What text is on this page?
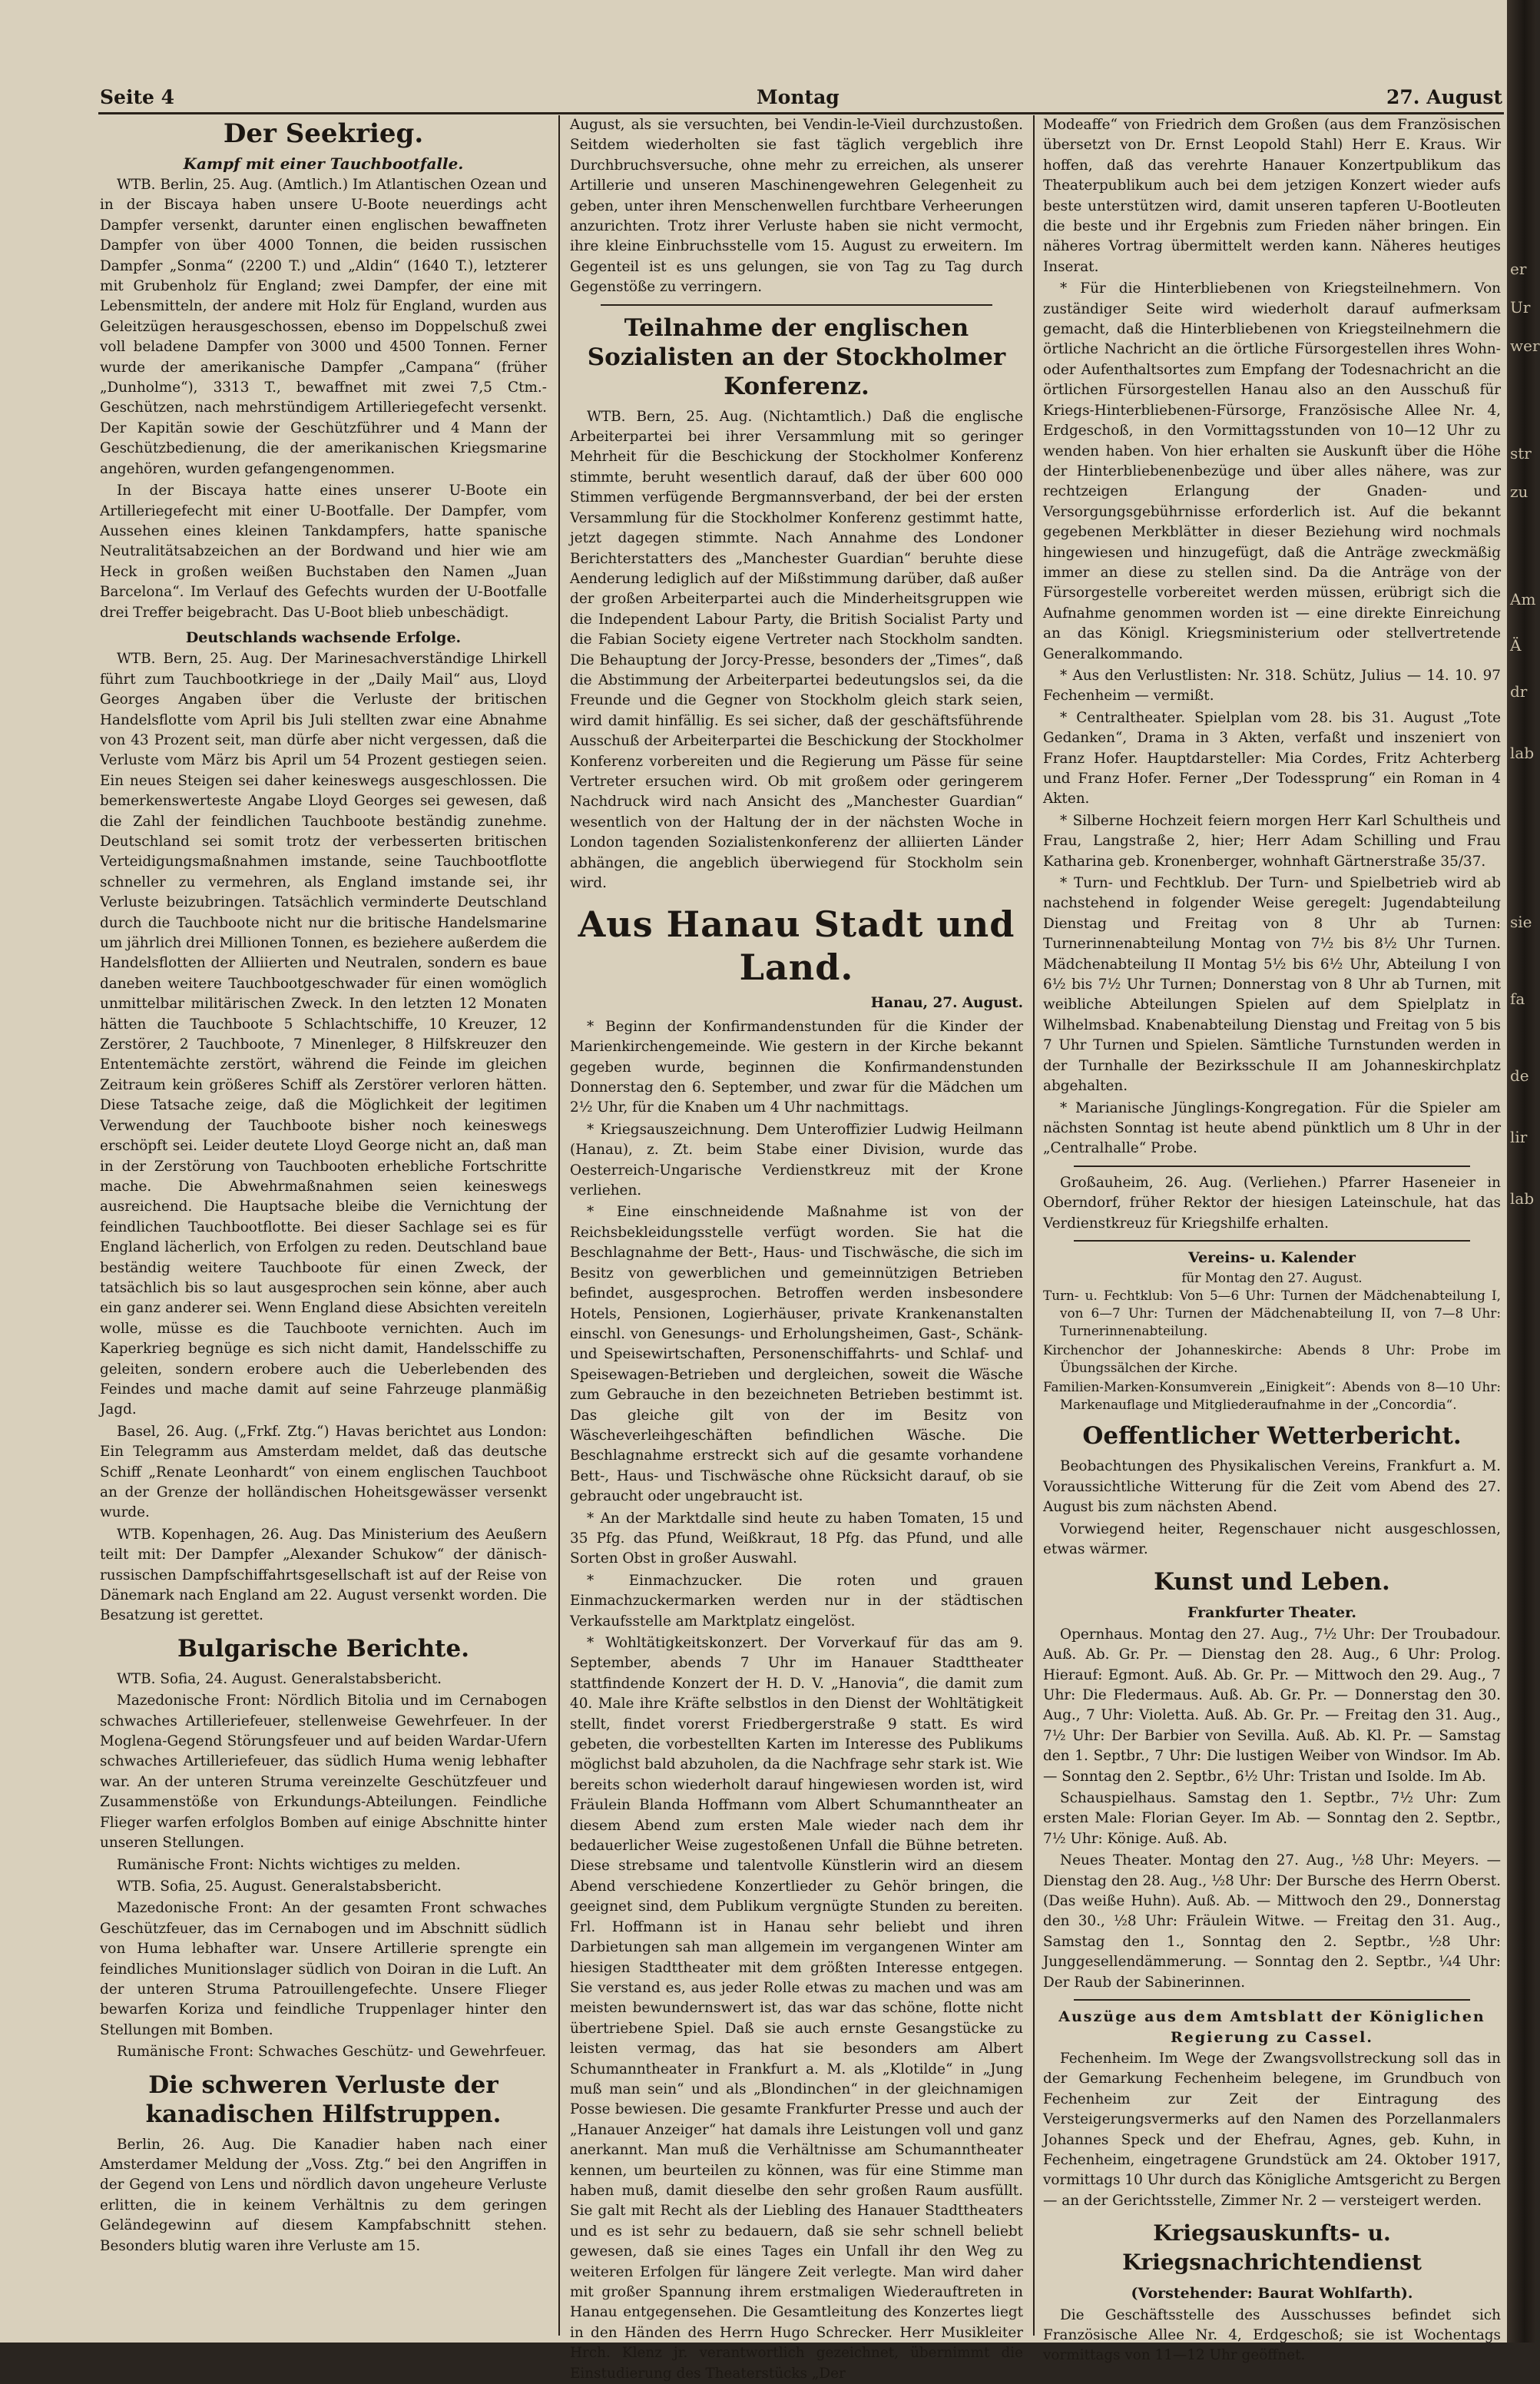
Seite 4	Montag	27. August
Der Seekrieg.
Kampf mit einer Tauchbootfalle.

WTB. Berlin, 25. Aug. (Amtlich.) Im Atlantischen Ozean und in der Biscaya haben unsere U-Boote neuerdings acht Dampfer versenkt, darunter einen englischen bewaffneten Dampfer von über 4000 Tonnen, die beiden russischen Dampfer „Sonma“ (2200 T.) und „Aldin“ (1640 T.), letzterer mit Grubenholz für England; zwei Dampfer, der eine mit Lebensmitteln, der andere mit Holz für England, wurden aus Geleitzügen herausgeschossen, ebenso im Doppelschuß zwei voll beladene Dampfer von 3000 und 4500 Tonnen. Ferner wurde der amerikanische Dampfer „Campana“ (früher „Dunholme“), 3313 T., bewaffnet mit zwei 7,5 Ctm.-Geschützen, nach mehrstündigem Artilleriegefecht versenkt. Der Kapitän sowie der Geschützführer und 4 Mann der Geschützbedienung, die der amerikanischen Kriegsmarine angehören, wurden gefangengenommen.

In der Biscaya hatte eines unserer U-Boote ein Artilleriegefecht mit einer U-Bootfalle. Der Dampfer, vom Aussehen eines kleinen Tankdampfers, hatte spanische Neutralitätsabzeichen an der Bordwand und hier wie am Heck in großen weißen Buchstaben den Namen „Juan Barcelona“. Im Verlauf des Gefechts wurden der U-Bootfalle drei Treffer beigebracht. Das U-Boot blieb unbeschädigt.

Deutschlands wachsende Erfolge.

WTB. Bern, 25. Aug. Der Marinesachverständige Lhirkell führt zum Tauchbootkriege in der „Daily Mail“ aus, Lloyd Georges Angaben über die Verluste der britischen Handelsflotte vom April bis Juli stellten zwar eine Abnahme von 43 Prozent seit, man dürfe aber nicht vergessen, daß die Verluste vom März bis April um 54 Prozent gestiegen seien. Ein neues Steigen sei daher keineswegs ausgeschlossen. Die bemerkenswerteste Angabe Lloyd Georges sei gewesen, daß die Zahl der feindlichen Tauchboote beständig zunehme. Deutschland sei somit trotz der verbesserten britischen Verteidigungsmaßnahmen imstande, seine Tauchbootflotte schneller zu vermehren, als England imstande sei, ihr Verluste beizubringen. Tatsächlich verminderte Deutschland durch die Tauchboote nicht nur die britische Handelsmarine um jährlich drei Millionen Tonnen, es beziehere außerdem die Handelsflotten der Alliierten und Neutralen, sondern es baue daneben weitere Tauchbootgeschwader für einen womöglich unmittelbar militärischen Zweck. In den letzten 12 Monaten hätten die Tauchboote 5 Schlachtschiffe, 10 Kreuzer, 12 Zerstörer, 2 Tauchboote, 7 Minenleger, 8 Hilfskreuzer den Ententemächte zerstört, während die Feinde im gleichen Zeitraum kein größeres Schiff als Zerstörer verloren hätten. Diese Tatsache zeige, daß die Möglichkeit der legitimen Verwendung der Tauchboote bisher noch keineswegs erschöpft sei. Leider deutete Lloyd George nicht an, daß man in der Zerstörung von Tauchbooten erhebliche Fortschritte mache. Die Abwehrmaßnahmen seien keineswegs ausreichend. Die Hauptsache bleibe die Vernichtung der feindlichen Tauchbootflotte. Bei dieser Sachlage sei es für England lächerlich, von Erfolgen zu reden. Deutschland baue beständig weitere Tauchboote für einen Zweck, der tatsächlich bis so laut ausgesprochen sein könne, aber auch ein ganz anderer sei. Wenn England diese Absichten vereiteln wolle, müsse es die Tauchboote vernichten. Auch im Kaperkrieg begnüge es sich nicht damit, Handelsschiffe zu geleiten, sondern erobere auch die Ueberlebenden des Feindes und mache damit auf seine Fahrzeuge planmäßig Jagd.

Basel, 26. Aug. („Frkf. Ztg.“) Havas berichtet aus London: Ein Telegramm aus Amsterdam meldet, daß das deutsche Schiff „Renate Leonhardt“ von einem englischen Tauchboot an der Grenze der holländischen Hoheitsgewässer versenkt wurde.

WTB. Kopenhagen, 26. Aug. Das Ministerium des Aeußern teilt mit: Der Dampfer „Alexander Schukow“ der dänisch-russischen Dampfschiffahrtsgesellschaft ist auf der Reise von Dänemark nach England am 22. August versenkt worden. Die Besatzung ist gerettet.

Bulgarische Berichte.

WTB. Sofia, 24. August. Generalstabsbericht.

Mazedonische Front: Nördlich Bitolia und im Cernabogen schwaches Artilleriefeuer, stellenweise Gewehrfeuer. In der Moglena-Gegend Störungsfeuer und auf beiden Wardar-Ufern schwaches Artilleriefeuer, das südlich Huma wenig lebhafter war. An der unteren Struma vereinzelte Geschützfeuer und Zusammenstöße von Erkundungs-Abteilungen. Feindliche Flieger warfen erfolglos Bomben auf einige Abschnitte hinter unseren Stellungen.

Rumänische Front: Nichts wichtiges zu melden.

WTB. Sofia, 25. August. Generalstabsbericht.

Mazedonische Front: An der gesamten Front schwaches Geschützfeuer, das im Cernabogen und im Abschnitt südlich von Huma lebhafter war. Unsere Artillerie sprengte ein feindliches Munitionslager südlich von Doiran in die Luft. An der unteren Struma Patrouillengefechte. Unsere Flieger bewarfen Koriza und feindliche Truppenlager hinter den Stellungen mit Bomben.

Rumänische Front: Schwaches Geschütz- und Gewehrfeuer.

Die schweren Verluste der kanadischen Hilfstruppen.

Berlin, 26. Aug. Die Kanadier haben nach einer Amsterdamer Meldung der „Voss. Ztg.“ bei den Angriffen in der Gegend von Lens und nördlich davon ungeheure Verluste erlitten, die in keinem Verhältnis zu dem geringen Geländegewinn auf diesem Kampfabschnitt stehen. Besonders blutig waren ihre Verluste am 15.

August, als sie versuchten, bei Vendin-le-Vieil durchzustoßen. Seitdem wiederholten sie fast täglich vergeblich ihre Durchbruchsversuche, ohne mehr zu erreichen, als unserer Artillerie und unseren Maschinengewehren Gelegenheit zu geben, unter ihren Menschenwellen furchtbare Verheerungen anzurichten. Trotz ihrer Verluste haben sie nicht vermocht, ihre kleine Einbruchsstelle vom 15. August zu erweitern. Im Gegenteil ist es uns gelungen, sie von Tag zu Tag durch Gegenstöße zu verringern.

Teilnahme der englischen Sozialisten an der Stockholmer Konferenz.

WTB. Bern, 25. Aug. (Nichtamtlich.) Daß die englische Arbeiterpartei bei ihrer Versammlung mit so geringer Mehrheit für die Beschickung der Stockholmer Konferenz stimmte, beruht wesentlich darauf, daß der über 600 000 Stimmen verfügende Bergmannsverband, der bei der ersten Versammlung für die Stockholmer Konferenz gestimmt hatte, jetzt dagegen stimmte. Nach Annahme des Londoner Berichterstatters des „Manchester Guardian“ beruhte diese Aenderung lediglich auf der Mißstimmung darüber, daß außer der großen Arbeiterpartei auch die Minderheitsgruppen wie die Independent Labour Party, die British Socialist Party und die Fabian Society eigene Vertreter nach Stockholm sandten. Die Behauptung der Jorcy-Presse, besonders der „Times“, daß die Abstimmung der Arbeiterpartei bedeutungslos sei, da die Freunde und die Gegner von Stockholm gleich stark seien, wird damit hinfällig. Es sei sicher, daß der geschäftsführende Ausschuß der Arbeiterpartei die Beschickung der Stockholmer Konferenz vorbereiten und die Regierung um Pässe für seine Vertreter ersuchen wird. Ob mit großem oder geringerem Nachdruck wird nach Ansicht des „Manchester Guardian“ wesentlich von der Haltung der in der nächsten Woche in London tagenden Sozialistenkonferenz der alliierten Länder abhängen, die angeblich überwiegend für Stockholm sein wird.

Aus Hanau Stadt und Land.
Hanau, 27. August.

* Beginn der Konfirmandenstunden für die Kinder der Marienkirchengemeinde. Wie gestern in der Kirche bekannt gegeben wurde, beginnen die Konfirmandenstunden Donnerstag den 6. September, und zwar für die Mädchen um 2½ Uhr, für die Knaben um 4 Uhr nachmittags.

* Kriegsauszeichnung. Dem Unteroffizier Ludwig Heilmann (Hanau), z. Zt. beim Stabe einer Division, wurde das Oesterreich-Ungarische Verdienstkreuz mit der Krone verliehen.

* Eine einschneidende Maßnahme ist von der Reichsbekleidungsstelle verfügt worden. Sie hat die Beschlagnahme der Bett-, Haus- und Tischwäsche, die sich im Besitz von gewerblichen und gemeinnützigen Betrieben befindet, ausgesprochen. Betroffen werden insbesondere Hotels, Pensionen, Logierhäuser, private Krankenanstalten einschl. von Genesungs- und Erholungsheimen, Gast-, Schänk- und Speisewirtschaften, Personenschiffahrts- und Schlaf- und Speisewagen-Betrieben und dergleichen, soweit die Wäsche zum Gebrauche in den bezeichneten Betrieben bestimmt ist. Das gleiche gilt von der im Besitz von Wäscheverleihgeschäften befindlichen Wäsche. Die Beschlagnahme erstreckt sich auf die gesamte vorhandene Bett-, Haus- und Tischwäsche ohne Rücksicht darauf, ob sie gebraucht oder ungebraucht ist.

* An der Marktdalle sind heute zu haben Tomaten, 15 und 35 Pfg. das Pfund, Weißkraut, 18 Pfg. das Pfund, und alle Sorten Obst in großer Auswahl.

* Einmachzucker. Die roten und grauen Einmachzuckermarken werden nur in der städtischen Verkaufsstelle am Marktplatz eingelöst.

* Wohltätigkeitskonzert. Der Vorverkauf für das am 9. September, abends 7 Uhr im Hanauer Stadttheater stattfindende Konzert der H. D. V. „Hanovia“, die damit zum 40. Male ihre Kräfte selbstlos in den Dienst der Wohltätigkeit stellt, findet vorerst Friedbergerstraße 9 statt. Es wird gebeten, die vorbestellten Karten im Interesse des Publikums möglichst bald abzuholen, da die Nachfrage sehr stark ist. Wie bereits schon wiederholt darauf hingewiesen worden ist, wird Fräulein Blanda Hoffmann vom Albert Schumanntheater an diesem Abend zum ersten Male wieder nach dem ihr bedauerlicher Weise zugestoßenen Unfall die Bühne betreten. Diese strebsame und talentvolle Künstlerin wird an diesem Abend verschiedene Konzertlieder zu Gehör bringen, die geeignet sind, dem Publikum vergnügte Stunden zu bereiten. Frl. Hoffmann ist in Hanau sehr beliebt und ihren Darbietungen sah man allgemein im vergangenen Winter am hiesigen Stadttheater mit dem größten Interesse entgegen. Sie verstand es, aus jeder Rolle etwas zu machen und was am meisten bewundernswert ist, das war das schöne, flotte nicht übertriebene Spiel. Daß sie auch ernste Gesangstücke zu leisten vermag, das hat sie besonders am Albert Schumanntheater in Frankfurt a. M. als „Klotilde“ in „Jung muß man sein“ und als „Blondinchen“ in der gleichnamigen Posse bewiesen. Die gesamte Frankfurter Presse und auch der „Hanauer Anzeiger“ hat damals ihre Leistungen voll und ganz anerkannt. Man muß die Verhältnisse am Schumanntheater kennen, um beurteilen zu können, was für eine Stimme man haben muß, damit dieselbe den sehr großen Raum ausfüllt. Sie galt mit Recht als der Liebling des Hanauer Stadttheaters und es ist sehr zu bedauern, daß sie sehr schnell beliebt gewesen, daß sie eines Tages ein Unfall ihr den Weg zu weiteren Erfolgen für längere Zeit verlegte. Man wird daher mit großer Spannung ihrem erstmaligen Wiederauftreten in Hanau entgegensehen. Die Gesamtleitung des Konzertes liegt in den Händen des Herrn Hugo Schrecker. Herr Musikleiter Hrch. Klenz jr. verantwortlich gezeichnet, übernimmt die Einstudierung des Theaterstücks „Der

Modeaffe“ von Friedrich dem Großen (aus dem Französischen übersetzt von Dr. Ernst Leopold Stahl) Herr E. Kraus. Wir hoffen, daß das verehrte Hanauer Konzertpublikum das Theaterpublikum auch bei dem jetzigen Konzert wieder aufs beste unterstützen wird, damit unseren tapferen U-Bootleuten die beste und ihr Ergebnis zum Frieden näher bringen. Ein näheres Vortrag übermittelt werden kann. Näheres heutiges Inserat.

* Für die Hinterbliebenen von Kriegsteilnehmern. Von zuständiger Seite wird wiederholt darauf aufmerksam gemacht, daß die Hinterbliebenen von Kriegsteilnehmern die örtliche Nachricht an die örtliche Fürsorgestellen ihres Wohn- oder Aufenthaltsortes zum Empfang der Todesnachricht an die örtlichen Fürsorgestellen Hanau also an den Ausschuß für Kriegs-Hinterbliebenen-Fürsorge, Französische Allee Nr. 4, Erdgeschoß, in den Vormittagsstunden von 10—12 Uhr zu wenden haben. Von hier erhalten sie Auskunft über die Höhe der Hinterbliebenenbezüge und über alles nähere, was zur rechtzeigen Erlangung der Gnaden- und Versorgungsgebührnisse erforderlich ist. Auf die bekannt gegebenen Merkblätter in dieser Beziehung wird nochmals hingewiesen und hinzugefügt, daß die Anträge zweckmäßig immer an diese zu stellen sind. Da die Anträge von der Fürsorgestelle vorbereitet werden müssen, erübrigt sich die Aufnahme genommen worden ist — eine direkte Einreichung an das Königl. Kriegsministerium oder stellvertretende Generalkommando.

* Aus den Verlustlisten: Nr. 318. Schütz, Julius — 14. 10. 97 Fechenheim — vermißt.

* Centraltheater. Spielplan vom 28. bis 31. August „Tote Gedanken“, Drama in 3 Akten, verfaßt und inszeniert von Franz Hofer. Hauptdarsteller: Mia Cordes, Fritz Achterberg und Franz Hofer. Ferner „Der Todessprung“ ein Roman in 4 Akten.

* Silberne Hochzeit feiern morgen Herr Karl Schultheis und Frau, Langstraße 2, hier; Herr Adam Schilling und Frau Katharina geb. Kronenberger, wohnhaft Gärtnerstraße 35/37.

* Turn- und Fechtklub. Der Turn- und Spielbetrieb wird ab nachstehend in folgender Weise geregelt: Jugendabteilung Dienstag und Freitag von 8 Uhr ab Turnen: Turnerinnenabteilung Montag von 7½ bis 8½ Uhr Turnen. Mädchenabteilung II Montag 5½ bis 6½ Uhr, Abteilung I von 6½ bis 7½ Uhr Turnen; Donnerstag von 8 Uhr ab Turnen, mit weibliche Abteilungen Spielen auf dem Spielplatz in Wilhelmsbad. Knabenabteilung Dienstag und Freitag von 5 bis 7 Uhr Turnen und Spielen. Sämtliche Turnstunden werden in der Turnhalle der Bezirksschule II am Johanneskirchplatz abgehalten.

* Marianische Jünglings-Kongregation. Für die Spieler am nächsten Sonntag ist heute abend pünktlich um 8 Uhr in der „Centralhalle“ Probe.

Großauheim, 26. Aug. (Verliehen.) Pfarrer Haseneier in Oberndorf, früher Rektor der hiesigen Lateinschule, hat das Verdienstkreuz für Kriegshilfe erhalten.

Vereins- u. Kalender
für Montag den 27. August.

Turn- u. Fechtklub: Von 5—6 Uhr: Turnen der Mädchenabteilung I, von 6—7 Uhr: Turnen der Mädchenabteilung II, von 7—8 Uhr: Turnerinnenabteilung.

Kirchenchor der Johanneskirche: Abends 8 Uhr: Probe im Übungssälchen der Kirche.

Familien-Marken-Konsumverein „Einigkeit“: Abends von 8—10 Uhr: Markenauflage und Mitgliederaufnahme in der „Concordia“.

Oeffentlicher Wetterbericht.

Beobachtungen des Physikalischen Vereins, Frankfurt a. M. Voraussichtliche Witterung für die Zeit vom Abend des 27. August bis zum nächsten Abend.

Vorwiegend heiter, Regenschauer nicht ausgeschlossen, etwas wärmer.

Kunst und Leben.
Frankfurter Theater.

Opernhaus. Montag den 27. Aug., 7½ Uhr: Der Troubadour. Auß. Ab. Gr. Pr. — Dienstag den 28. Aug., 6 Uhr: Prolog. Hierauf: Egmont. Auß. Ab. Gr. Pr. — Mittwoch den 29. Aug., 7 Uhr: Die Fledermaus. Auß. Ab. Gr. Pr. — Donnerstag den 30. Aug., 7 Uhr: Violetta. Auß. Ab. Gr. Pr. — Freitag den 31. Aug., 7½ Uhr: Der Barbier von Sevilla. Auß. Ab. Kl. Pr. — Samstag den 1. Septbr., 7 Uhr: Die lustigen Weiber von Windsor. Im Ab. — Sonntag den 2. Septbr., 6½ Uhr: Tristan und Isolde. Im Ab.

Schauspielhaus. Samstag den 1. Septbr., 7½ Uhr: Zum ersten Male: Florian Geyer. Im Ab. — Sonntag den 2. Septbr., 7½ Uhr: Könige. Auß. Ab.

Neues Theater. Montag den 27. Aug., ½8 Uhr: Meyers. — Dienstag den 28. Aug., ½8 Uhr: Der Bursche des Herrn Oberst. (Das weiße Huhn). Auß. Ab. — Mittwoch den 29., Donnerstag den 30., ½8 Uhr: Fräulein Witwe. — Freitag den 31. Aug., Samstag den 1., Sonntag den 2. Septbr., ½8 Uhr: Junggesellendämmerung. — Sonntag den 2. Septbr., ¼4 Uhr: Der Raub der Sabinerinnen.

Auszüge aus dem Amtsblatt der Königlichen Regierung zu Cassel.

Fechenheim. Im Wege der Zwangsvollstreckung soll das in der Gemarkung Fechenheim belegene, im Grundbuch von Fechenheim zur Zeit der Eintragung des Versteigerungsvermerks auf den Namen des Porzellanmalers Johannes Speck und der Ehefrau, Agnes, geb. Kuhn, in Fechenheim, eingetragene Grundstück am 24. Oktober 1917, vormittags 10 Uhr durch das Königliche Amtsgericht zu Bergen — an der Gerichtsstelle, Zimmer Nr. 2 — versteigert werden.

Kriegsauskunfts- u. Kriegsnachrichtendienst
(Vorstehender: Baurat Wohlfarth).

Die Geschäftsstelle des Ausschusses befindet sich Französische Allee Nr. 4, Erdgeschoß; sie ist Wochentags vormittags von 11—12 Uhr geöffnet.

er
Ur
wer
str
zu
Am
Ä
dr
lab
sie
fa
de
lir
lab
